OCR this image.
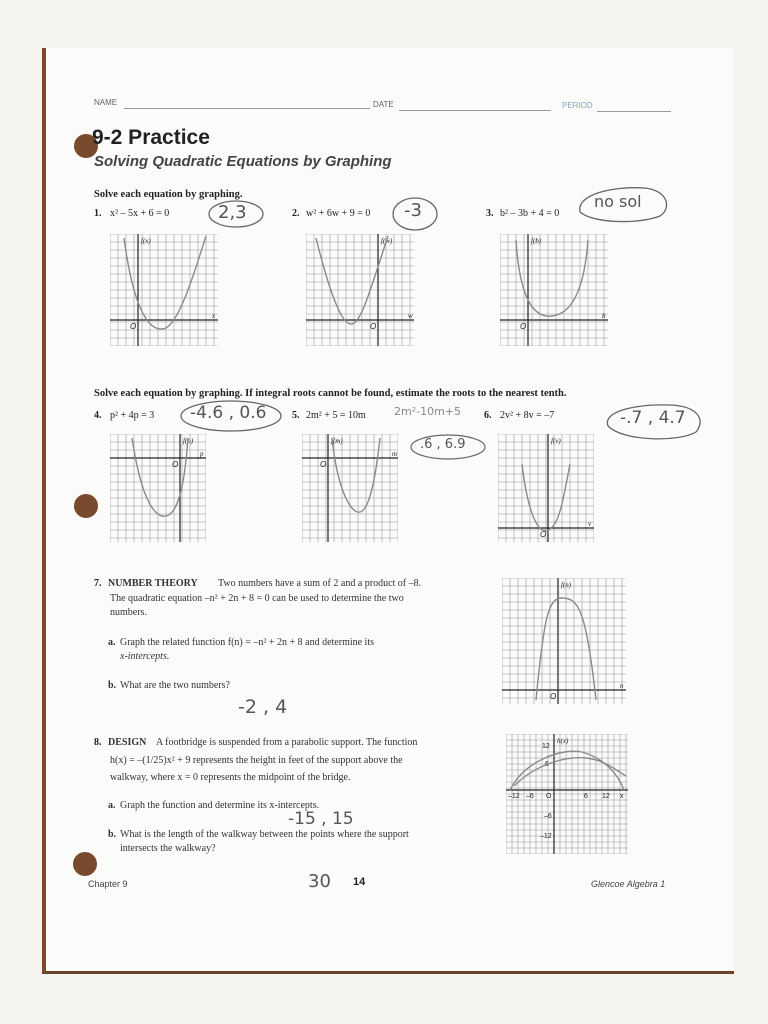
NAME	DATE	PERIOD
9-2 Practice
Solving Quadratic Equations by Graphing
Solve each equation by graphing.
1. x² – 5x + 6 = 0	2,3	2. w² + 6w + 9 = 0 -3	3. b² – 3b + 4 = 0
no sol
f(x)
x
O
f(w)
w
O
f(b)
b
O
Solve each equation by graphing. If integral roots cannot be found, estimate the roots to the nearest tenth.
4. p² + 4p = 3 -4.6 , 0.6	5. 2m² + 5 = 10m	2m²-10m+5
.6 , 6.9
6. 2v² + 8v = –7	-.7 , 4.7
f(p)
p
O
f(m)
m
O
f(v)
v
O
7. NUMBER THEORY Two numbers have a sum of 2 and a product of –8.
The quadratic equation –n² + 2n + 8 = 0 can be used to determine the two
numbers.
a. Graph the related function f(n) = –n² + 2n + 8 and determine its
x-intercepts.
b. What are the two numbers?
-2 , 4
f(n)
n
O
8. DESIGN A footbridge is suspended from a parabolic support. The function
h(x) = –(1/25)x² + 9 represents the height in feet of the support above the
walkway, where x = 0 represents the midpoint of the bridge.
a. Graph the function and determine its x-intercepts.
-15 , 15
b. What is the length of the walkway between the points where the support
intersects the walkway?
30
h(x)
12
6
–12 –6 O	6 12 x
–6
–12
Chapter 9	14	Glencoe Algebra 1
